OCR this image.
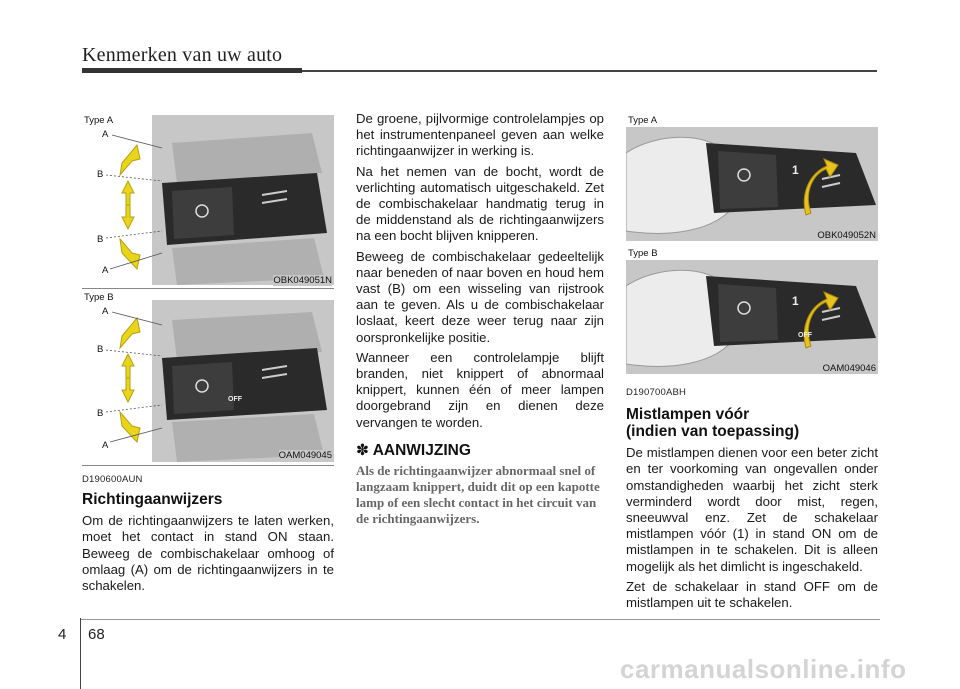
Kenmerken van uw auto
Type A
A
B
B
A
OBK049051N
Type B
OFF
A
B
B
A
OAM049045
D190600AUN
Richtingaanwijzers

Om de richtingaanwijzers te laten werken, moet het contact in stand ON staan. Beweeg de combischakelaar omhoog of omlaag (A) om de richtingaanwijzers in te schakelen.

De groene, pijlvormige controlelampjes op het instrumentenpaneel geven aan welke richtingaanwijzer in werking is.

Na het nemen van de bocht, wordt de verlichting automatisch uitgeschakeld. Zet de combischakelaar handmatig terug in de middenstand als de richtingaanwijzers na een bocht blijven knipperen.

Beweeg de combischakelaar gedeeltelijk naar beneden of naar boven en houd hem vast (B) om een wisseling van rijstrook aan te geven. Als u de combischakelaar loslaat, keert deze weer terug naar zijn oorspronkelijke positie.

Wanneer een controlelampje blijft branden, niet knippert of abnormaal knippert, kunnen één of meer lampen doorgebrand zijn en dienen deze vervangen te worden.

✽ AANWIJZING
Als de richtingaanwijzer abnormaal snel of langzaam knippert, duidt dit op een kapotte lamp of een slecht contact in het circuit van de richtingaanwijzers.
Type A
1
OBK049052N
Type B
1
OFF
OAM049046
D190700ABH
Mistlampen vóór
(indien van toepassing)

De mistlampen dienen voor een beter zicht en ter voorkoming van ongevallen onder omstandigheden waarbij het zicht sterk verminderd wordt door mist, regen, sneeuwval enz. Zet de schakelaar mistlampen vóór (1) in stand ON om de mistlampen in te schakelen. Dit is alleen mogelijk als het dimlicht is ingeschakeld.

Zet de schakelaar in stand OFF om de mistlampen uit te schakelen.

4 68
carmanualsonline.info
